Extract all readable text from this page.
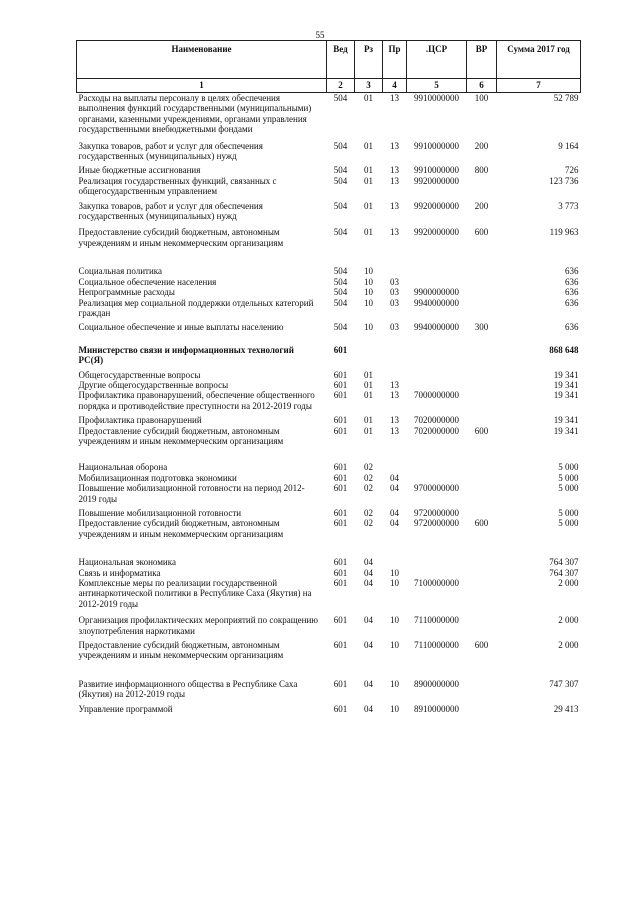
55
Наименование	Вед	Рз	Пр	.ЦСР	ВР	Сумма 2017 год
1	2	3	4	5	6	7
Расходы на выплаты персоналу в целях обеспечения выполнения функций государственными (муниципальными) органами, казенными учреждениями, органами управления государственными внебюджетными фондами	504	01	13	9910000000	100	52 789
Закупка товаров, работ и услуг для обеспечения государственных (муниципальных) нужд	504	01	13	9910000000	200	9 164
Иные бюджетные ассигнования	504	01	13	9910000000	800	726
Реализация государственных функций, связанных с общегосударственным управлением	504	01	13	9920000000		123 736
Закупка товаров, работ и услуг для обеспечения государственных (муниципальных) нужд	504	01	13	9920000000	200	3 773
Предоставление субсидий бюджетным, автономным учреждениям и иным некоммерческим организациям	504	01	13	9920000000	600	119 963
Социальная политика	504	10				636
Социальное обеспечение населения	504	10	03			636
Непрограммные расходы	504	10	03	9900000000		636
Реализация мер социальной поддержки отдельных категорий граждан	504	10	03	9940000000		636
Социальное обеспечение и иные выплаты населению	504	10	03	9940000000	300	636
Министерство связи и информационных технологий РС(Я)	601					868 648
Общегосударственные вопросы	601	01				19 341
Другие общегосударственные вопросы	601	01	13			19 341
Профилактика правонарушений, обеспечение общественного порядка и противодействие преступности на 2012-2019 годы	601	01	13	7000000000		19 341
Профилактика правонарушений	601	01	13	7020000000		19 341
Предоставление субсидий бюджетным, автономным учреждениям и иным некоммерческим организациям	601	01	13	7020000000	600	19 341
Национальная оборона	601	02				5 000
Мобилизационная подготовка экономики	601	02	04			5 000
Повышение мобилизационной готовности на период 2012-2019 годы	601	02	04	9700000000		5 000
Повышение мобилизационной готовности	601	02	04	9720000000		5 000
Предоставление субсидий бюджетным, автономным учреждениям и иным некоммерческим организациям	601	02	04	9720000000	600	5 000
Национальная экономика	601	04				764 307
Связь и информатика	601	04	10			764 307
Комплексные меры по реализации государственной антинаркотической политики в Республике Саха (Якутия) на 2012-2019 годы	601	04	10	7100000000		2 000
Организация профилактических мероприятий по сокращению злоупотребления наркотиками	601	04	10	7110000000		2 000
Предоставление субсидий бюджетным, автономным учреждениям и иным некоммерческим организациям	601	04	10	7110000000	600	2 000
Развитие информационного общества в Республике Саха (Якутия) на 2012-2019 годы	601	04	10	8900000000		747 307
Управление программой	601	04	10	8910000000		29 413
